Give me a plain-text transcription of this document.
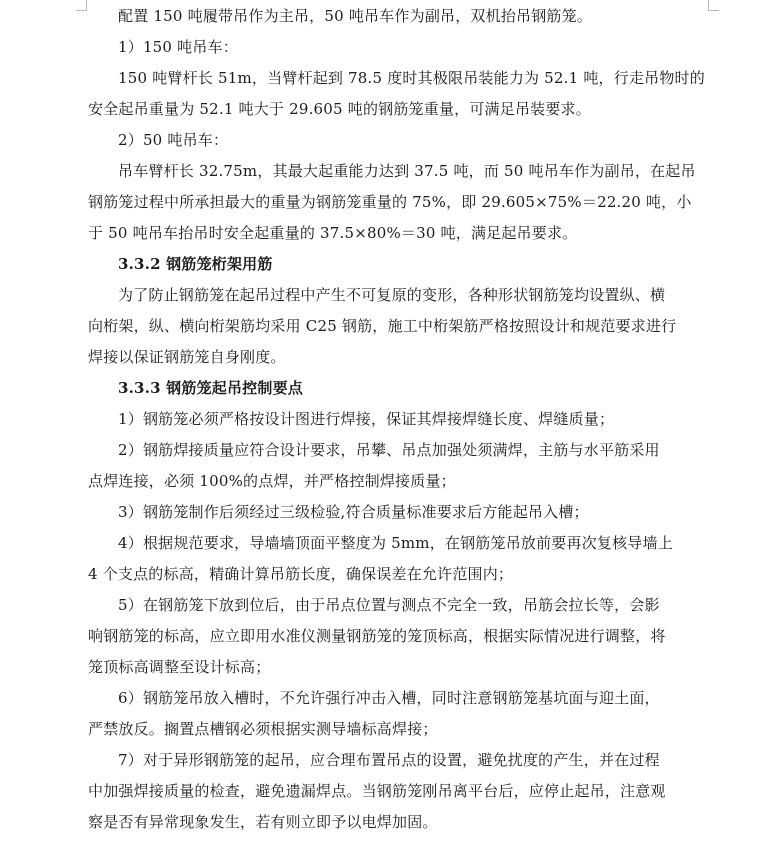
配置 150 吨履带吊作为主吊，50 吨吊车作为副吊，双机抬吊钢筋笼。
1）150 吨吊车：
150 吨臂杆长 51m，当臂杆起到 78.5 度时其极限吊装能力为 52.1 吨，行走吊物时的
安全起吊重量为 52.1 吨大于 29.605 吨的钢筋笼重量，可满足吊装要求。
2）50 吨吊车：
吊车臂杆长 32.75m，其最大起重能力达到 37.5 吨，而 50 吨吊车作为副吊，在起吊
钢筋笼过程中所承担最大的重量为钢筋笼重量的 75%，即 29.605×75%＝22.20 吨，小
于 50 吨吊车抬吊时安全起重量的 37.5×80%＝30 吨，满足起吊要求。
3.3.2 钢筋笼桁架用筋
为了防止钢筋笼在起吊过程中产生不可复原的变形，各种形状钢筋笼均设置纵、横
向桁架，纵、横向桁架筋均采用 C25 钢筋，施工中桁架筋严格按照设计和规范要求进行
焊接以保证钢筋笼自身刚度。
3.3.3 钢筋笼起吊控制要点
1）钢筋笼必须严格按设计图进行焊接，保证其焊接焊缝长度、焊缝质量；
2）钢筋焊接质量应符合设计要求，吊攀、吊点加强处须满焊，主筋与水平筋采用
点焊连接，必须 100%的点焊，并严格控制焊接质量；
3）钢筋笼制作后须经过三级检验,符合质量标准要求后方能起吊入槽；
4）根据规范要求，导墙墙顶面平整度为 5mm，在钢筋笼吊放前要再次复核导墙上
4 个支点的标高，精确计算吊筋长度，确保误差在允许范围内；
5）在钢筋笼下放到位后，由于吊点位置与测点不完全一致，吊筋会拉长等，会影
响钢筋笼的标高，应立即用水准仪测量钢筋笼的笼顶标高，根据实际情况进行调整，将
笼顶标高调整至设计标高；
6）钢筋笼吊放入槽时，不允许强行冲击入槽，同时注意钢筋笼基坑面与迎土面，
严禁放反。搁置点槽钢必须根据实测导墙标高焊接；
7）对于异形钢筋笼的起吊，应合理布置吊点的设置，避免扰度的产生，并在过程
中加强焊接质量的检查，避免遗漏焊点。当钢筋笼刚吊离平台后，应停止起吊，注意观
察是否有异常现象发生，若有则立即予以电焊加固。
